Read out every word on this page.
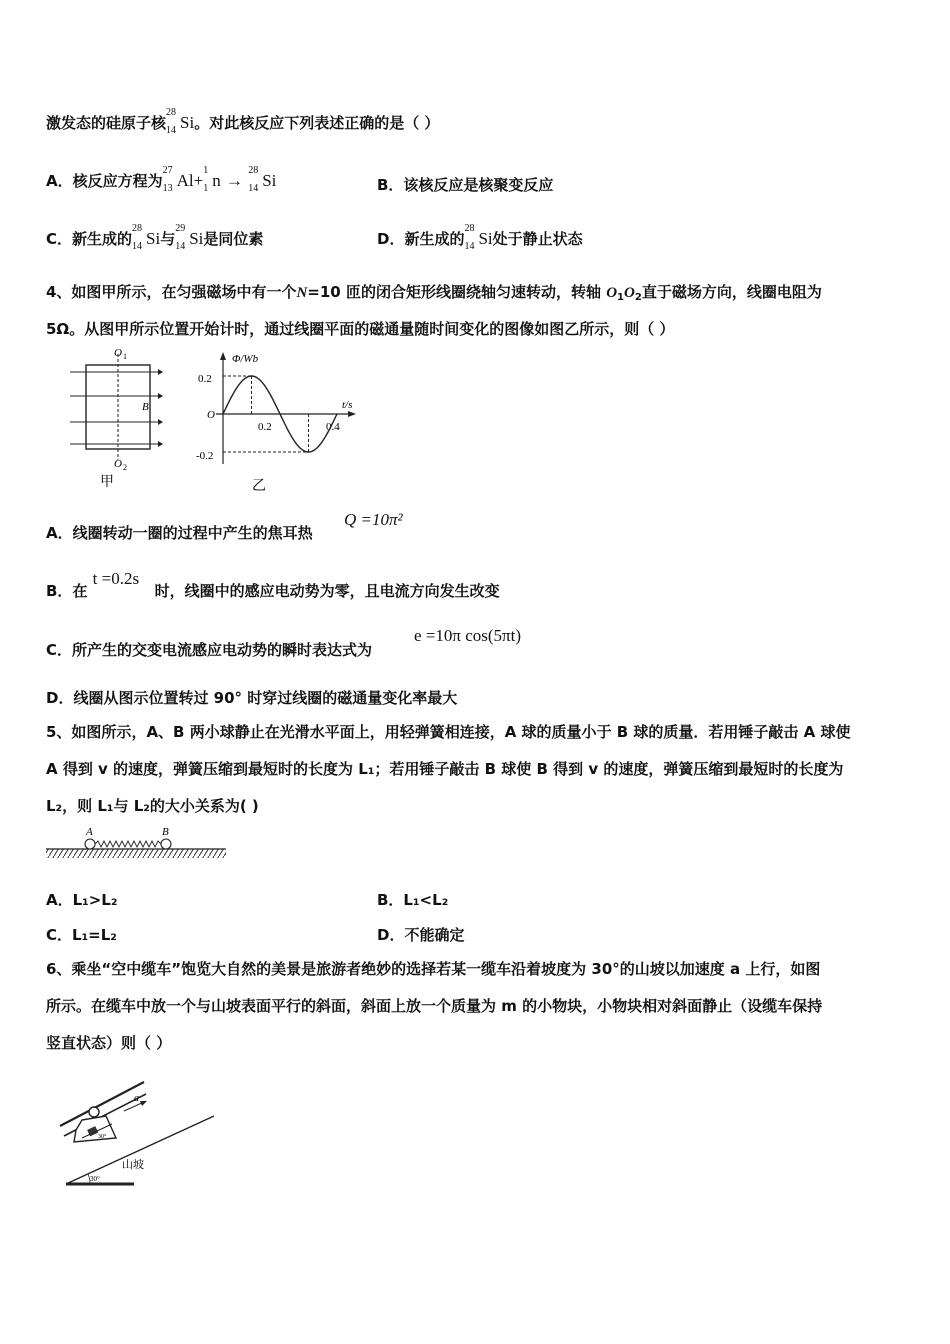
激发态的硅原子核
28
14 Si。对此核反应下列表述正确的是（ ）
A．核反应方程为
27
13 Al+
1
1 n →
28
14 Si	B．该核反应是核聚变反应
C．新生成的
28
14 Si与
29
14 Si是同位素	D．新生成的
28
14 Si处于静止状态
4、如图甲所示，在匀强磁场中有一个N=10 匝的闭合矩形线圈绕轴匀速转动，转轴 $O_1O_2$直于磁场方向，线圈电阻为
5Ω。从图甲所示位置开始计时，通过线圈平面的磁通量随时间变化的图像如图乙所示，则（ ）
O 1
O 2
B
甲
Φ/Wb
t/s
O
0.2
-0.2
0.2	0.4
乙
A．线圈转动一圈的过程中产生的焦耳热
Q =10π²
B．在 t =0.2s时，线圈中的感应电动势为零，且电流方向发生改变
C．所产生的交变电流感应电动势的瞬时表达式为
e =10π cos(5πt)
D．线圈从图示位置转过 90° 时穿过线圈的磁通量变化率最大
5、如图所示，A、B 两小球静止在光滑水平面上，用轻弹簧相连接，A 球的质量小于 B 球的质量．若用锤子敲击 A 球使
A 得到 v 的速度，弹簧压缩到最短时的长度为 L₁；若用锤子敲击 B 球使 B 得到 v 的速度，弹簧压缩到最短时的长度为
L₂，则 L₁与 L₂的大小关系为( )
A	B
A．L₁>L₂	B．L₁<L₂
C．L₁=L₂	D．不能确定
6、乘坐“空中缆车”饱览大自然的美景是旅游者绝妙的选择若某一缆车沿着坡度为 30°的山坡以加速度 a 上行，如图
所示。在缆车中放一个与山坡表面平行的斜面，斜面上放一个质量为 m 的小物块，小物块相对斜面静止（设缆车保持
竖直状态）则（ ）
a
30°
30°
山坡
